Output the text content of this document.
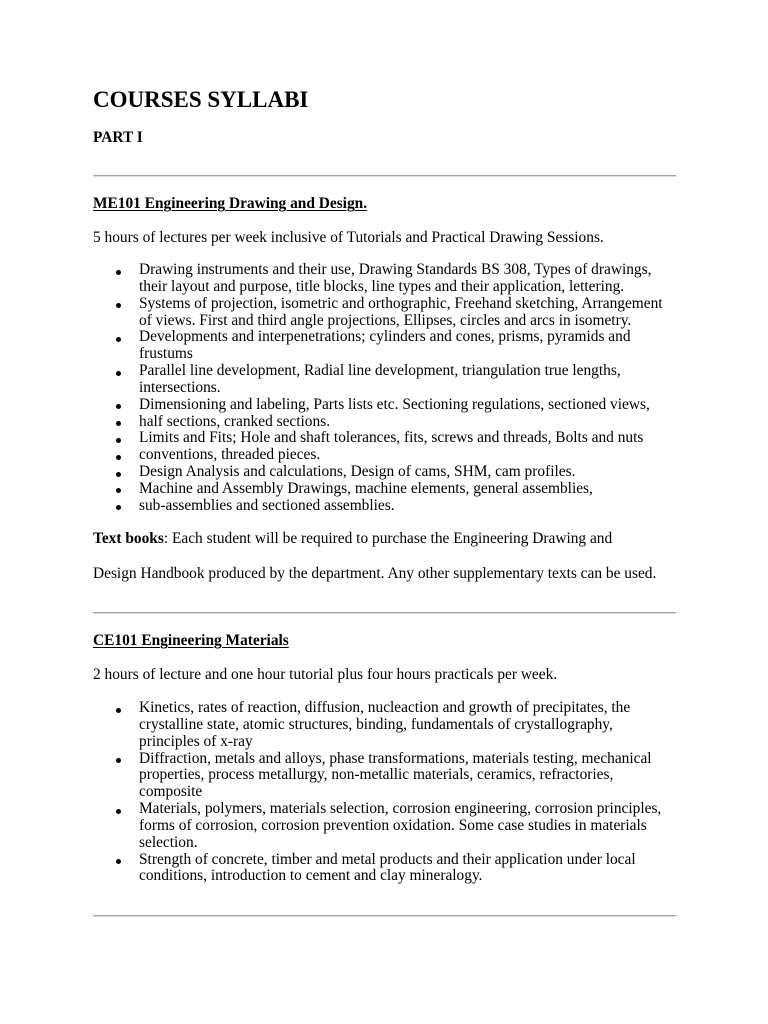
COURSES SYLLABI
PART I
ME101 Engineering Drawing and Design.

5 hours of lectures per week inclusive of Tutorials and Practical Drawing Sessions.

Drawing instruments and their use, Drawing Standards BS 308, Types of drawings,
their layout and purpose, title blocks, line types and their application, lettering.
Systems of projection, isometric and orthographic, Freehand sketching, Arrangement
of views. First and third angle projections, Ellipses, circles and arcs in isometry.
Developments and interpenetrations; cylinders and cones, prisms, pyramids and
frustums
Parallel line development, Radial line development, triangulation true lengths,
intersections.
Dimensioning and labeling, Parts lists etc. Sectioning regulations, sectioned views,
half sections, cranked sections.
Limits and Fits; Hole and shaft tolerances, fits, screws and threads, Bolts and nuts
conventions, threaded pieces.
Design Analysis and calculations, Design of cams, SHM, cam profiles.
Machine and Assembly Drawings, machine elements, general assemblies,
sub-assemblies and sectioned assemblies.

Text books: Each student will be required to purchase the Engineering Drawing and

Design Handbook produced by the department. Any other supplementary texts can be used.

CE101 Engineering Materials

2 hours of lecture and one hour tutorial plus four hours practicals per week.

Kinetics, rates of reaction, diffusion, nucleaction and growth of precipitates, the
crystalline state, atomic structures, binding, fundamentals of crystallography,
principles of x-ray
Diffraction, metals and alloys, phase transformations, materials testing, mechanical
properties, process metallurgy, non-metallic materials, ceramics, refractories,
composite
Materials, polymers, materials selection, corrosion engineering, corrosion principles,
forms of corrosion, corrosion prevention oxidation. Some case studies in materials
selection.
Strength of concrete, timber and metal products and their application under local
conditions, introduction to cement and clay mineralogy.
